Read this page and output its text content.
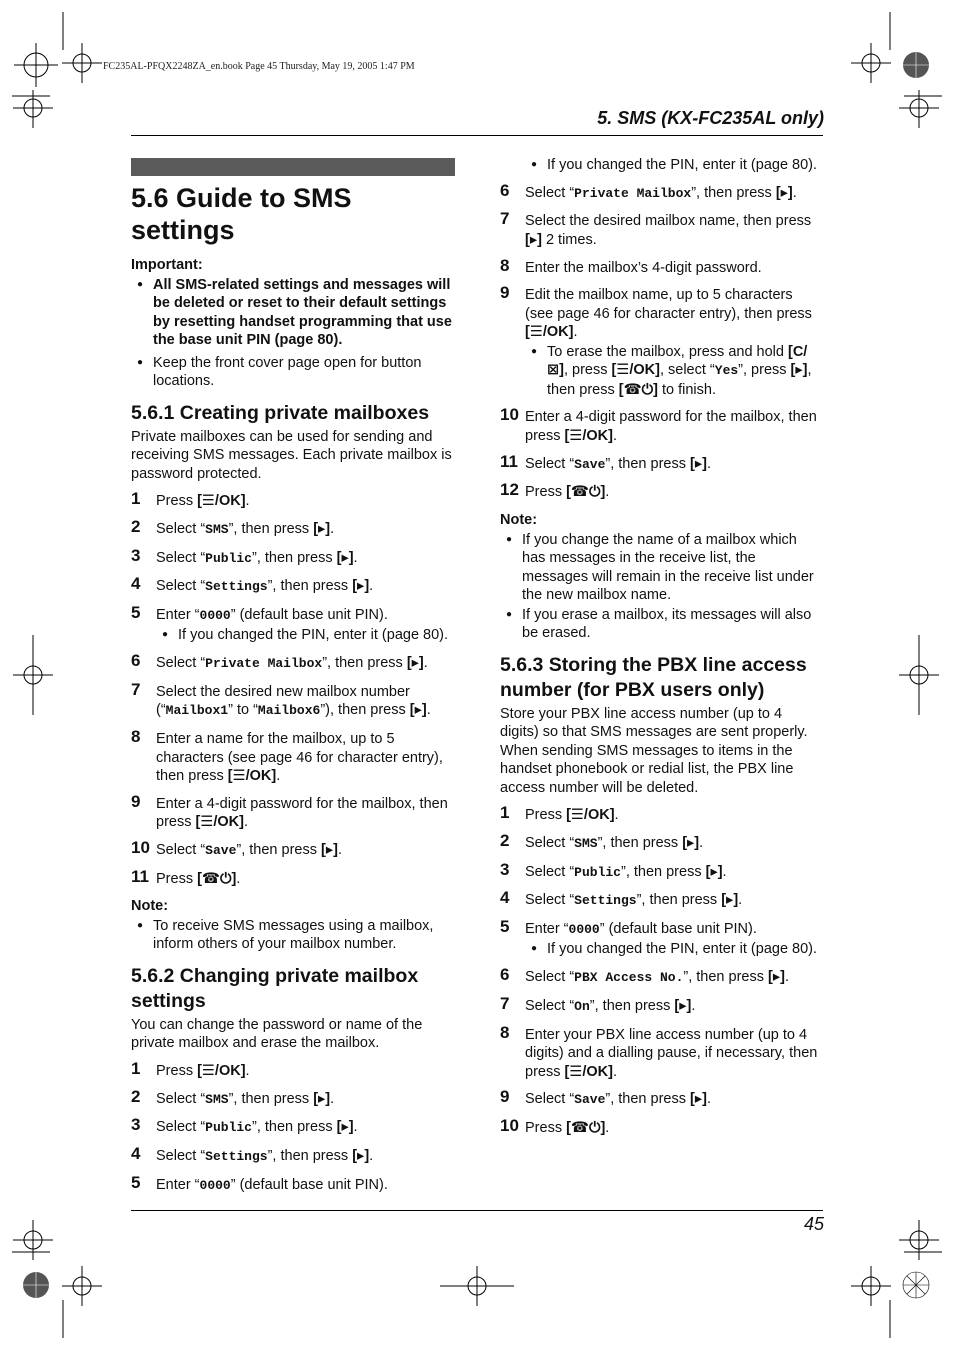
FC235AL-PFQX2248ZA_en.book Page 45 Thursday, May 19, 2005 1:47 PM
5. SMS (KX-FC235AL only)
5.6 Guide to SMS settings
Important:
● All SMS-related settings and messages will be deleted or reset to their default settings by resetting handset programming that use the base unit PIN (page 80).
● Keep the front cover page open for button locations.
5.6.1 Creating private mailboxes
Private mailboxes can be used for sending and receiving SMS messages. Each private mailbox is password protected.
1 Press [☰/OK].
2 Select “SMS”, then press [▸].
3 Select “Public”, then press [▸].
4 Select “Settings”, then press [▸].
5 Enter “0000” (default base unit PIN).
● If you changed the PIN, enter it (page 80).
6 Select “Private Mailbox”, then press [▸].
7 Select the desired new mailbox number (“Mailbox1” to “Mailbox6”), then press [▸].
8 Enter a name for the mailbox, up to 5 characters (see page 46 for character entry), then press [☰/OK].
9 Enter a 4-digit password for the mailbox, then press [☰/OK].
10 Select “Save”, then press [▸].
11 Press [☎⏻].
Note:
● To receive SMS messages using a mailbox, inform others of your mailbox number.
5.6.2 Changing private mailbox settings
You can change the password or name of the private mailbox and erase the mailbox.
1 Press [☰/OK].
2 Select “SMS”, then press [▸].
3 Select “Public”, then press [▸].
4 Select “Settings”, then press [▸].
5 Enter “0000” (default base unit PIN).
● If you changed the PIN, enter it (page 80).
6 Select “Private Mailbox”, then press [▸].
7 Select the desired mailbox name, then press [▸] 2 times.
8 Enter the mailbox’s 4-digit password.
9 Edit the mailbox name, up to 5 characters (see page 46 for character entry), then press [☰/OK].
● To erase the mailbox, press and hold [C/⊠], press [☰/OK], select “Yes”, press [▸], then press [☎⏻] to finish.
10 Enter a 4-digit password for the mailbox, then press [☰/OK].
11 Select “Save”, then press [▸].
12 Press [☎⏻].
Note:
● If you change the name of a mailbox which has messages in the receive list, the messages will remain in the receive list under the new mailbox name.
● If you erase a mailbox, its messages will also be erased.
5.6.3 Storing the PBX line access number (for PBX users only)
Store your PBX line access number (up to 4 digits) so that SMS messages are sent properly. When sending SMS messages to items in the handset phonebook or redial list, the PBX line access number will be deleted.
1 Press [☰/OK].
2 Select “SMS”, then press [▸].
3 Select “Public”, then press [▸].
4 Select “Settings”, then press [▸].
5 Enter “0000” (default base unit PIN).
● If you changed the PIN, enter it (page 80).
6 Select “PBX Access No.”, then press [▸].
7 Select “On”, then press [▸].
8 Enter your PBX line access number (up to 4 digits) and a dialling pause, if necessary, then press [☰/OK].
9 Select “Save”, then press [▸].
10 Press [☎⏻].
45
